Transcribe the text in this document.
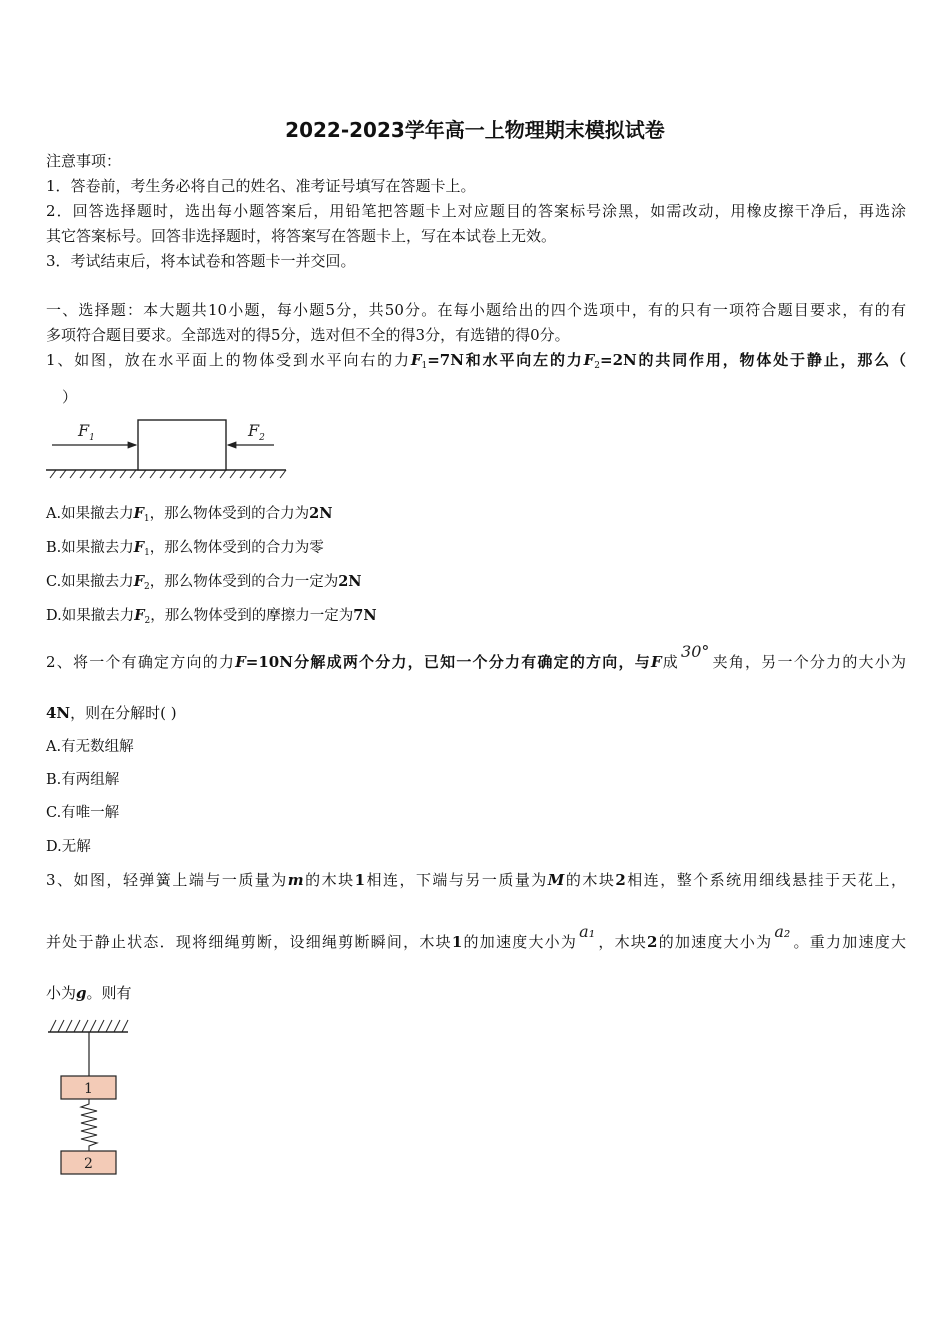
2022-2023学年高一上物理期末模拟试卷
注意事项：
1．答卷前，考生务必将自己的姓名、准考证号填写在答题卡上。
2．回答选择题时，选出每小题答案后，用铅笔把答题卡上对应题目的答案标号涂黑，如需改动，用橡皮擦干净后，再选涂
其它答案标号。回答非选择题时，将答案写在答题卡上，写在本试卷上无效。
3．考试结束后，将本试卷和答题卡一并交回。
一、选择题：本大题共10小题，每小题5分，共50分。在每小题给出的四个选项中，有的只有一项符合题目要求，有的有
多项符合题目要求。全部选对的得5分，选对但不全的得3分，有选错的得0分。
1、如图，放在水平面上的物体受到水平向右的力$F_1=7N$和水平向左的力$F_2=2N$的共同作用，物体处于静止，那么（
）
$F_1$	$F_2$
A.如果撤去力$F_1$，那么物体受到的合力为2N
B.如果撤去力$F_1$，那么物体受到的合力为零
C.如果撤去力$F_2$，那么物体受到的合力一定为2N
D.如果撤去力$F_2$，那么物体受到的摩擦力一定为7N
2、将一个有确定方向的力F=10N分解成两个分力，已知一个分力有确定的方向，与F成30°夹角，另一个分力的大小为
4N，则在分解时( )
A.有无数组解
B.有两组解
C.有唯一解
D.无解
3、如图，轻弹簧上端与一质量为m的木块1相连，下端与另一质量为M的木块2相连，整个系统用细线悬挂于天花上，
并处于静止状态．现将细绳剪断，设细绳剪断瞬间，木块1的加速度大小为a₁，木块2的加速度大小为a₂。重力加速度大
小为g。则有
1
2
